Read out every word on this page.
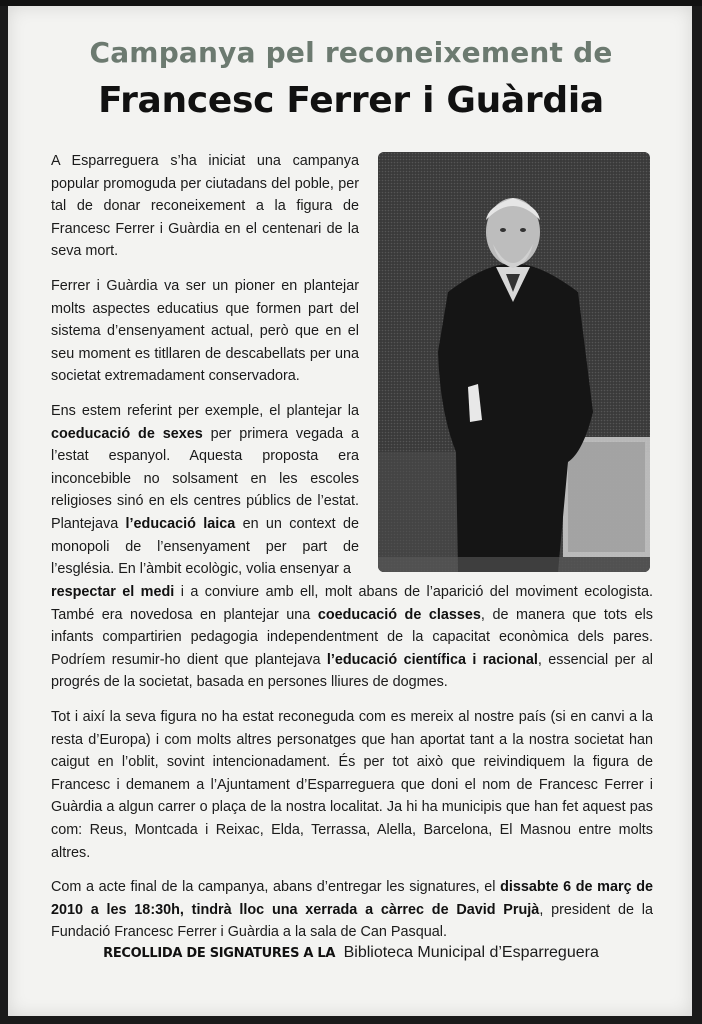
Campanya pel reconeixement de
Francesc Ferrer i Guàrdia

A Esparreguera s’ha iniciat una campanya popular promoguda per ciutadans del poble, per tal de donar reconeixement a la figura de Francesc Ferrer i Guàrdia en el centenari de la seva mort.

Ferrer i Guàrdia va ser un pioner en plantejar molts aspectes educatius que formen part del sistema d’ensenyament actual, però que en el seu moment es titllaren de descabellats per una societat extremadament conservadora.

Ens estem referint per exemple, el plantejar la coeducació de sexes per primera vegada a l’estat espanyol. Aquesta proposta era inconcebible no solsament en les escoles religioses sinó en els centres públics de l’estat. Plantejava l’educació laica en un context de monopoli de l’ensenyament per part de l’església. En l’àmbit ecològic, volia ensenyar a

respectar el medi i a conviure amb ell, molt abans de l’aparició del moviment ecologista. També era novedosa en plantejar una coeducació de classes, de manera que tots els infants compartirien pedagogia independentment de la capacitat econòmica dels pares. Podríem resumir-ho dient que plantejava l’educació científica i racional, essencial per al progrés de la societat, basada en persones lliures de dogmes.

Tot i així la seva figura no ha estat reconeguda com es mereix al nostre país (si en canvi a la resta d’Europa) i com molts altres personatges que han aportat tant a la nostra societat han caigut en l’oblit, sovint intencionadament. És per tot això que reivindiquem la figura de Francesc i demanem a l’Ajuntament d’Esparreguera que doni el nom de Francesc Ferrer i Guàrdia a algun carrer o plaça de la nostra localitat. Ja hi ha municipis que han fet aquest pas com: Reus, Montcada i Reixac, Elda, Terrassa, Alella, Barcelona, El Masnou entre molts altres.

Com a acte final de la campanya, abans d’entregar les signatures, el dissabte 6 de març de 2010 a les 18:30h, tindrà lloc una xerrada a càrrec de David Prujà, president de la Fundació Francesc Ferrer i Guàrdia a la sala de Can Pasqual.

RECOLLIDA DE SIGNATURES A LA Biblioteca Municipal d’Esparreguera
